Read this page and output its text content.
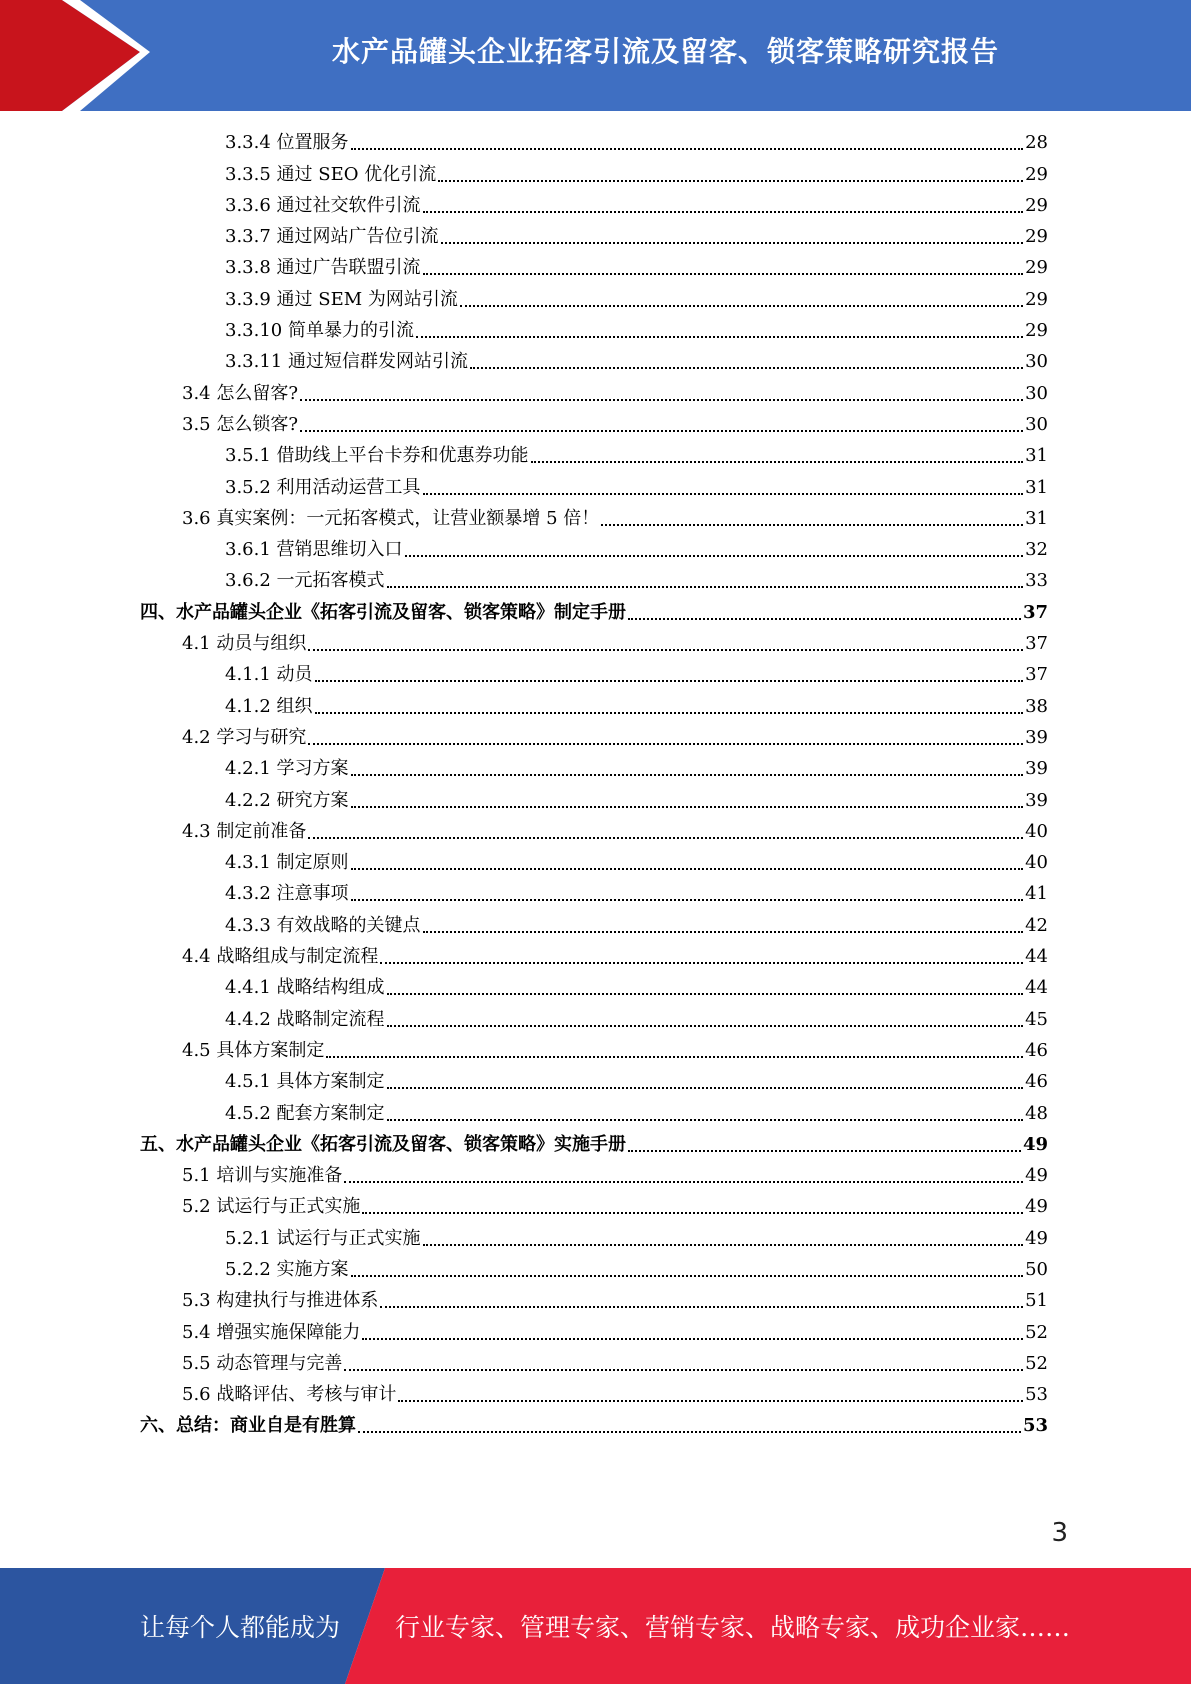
水产品罐头企业拓客引流及留客、锁客策略研究报告
3.3.4 位置服务	28
3.3.5 通过 SEO 优化引流	29
3.3.6 通过社交软件引流	29
3.3.7 通过网站广告位引流	29
3.3.8 通过广告联盟引流	29
3.3.9 通过 SEM 为网站引流	29
3.3.10 简单暴力的引流	29
3.3.11 通过短信群发网站引流	30
3.4 怎么留客?	30
3.5 怎么锁客?	30
3.5.1 借助线上平台卡券和优惠券功能	31
3.5.2 利用活动运营工具	31
3.6 真实案例：一元拓客模式，让营业额暴增 5 倍！	31
3.6.1 营销思维切入口	32
3.6.2 一元拓客模式	33
四、水产品罐头企业《拓客引流及留客、锁客策略》制定手册	37
4.1 动员与组织	37
4.1.1 动员	37
4.1.2 组织	38
4.2 学习与研究	39
4.2.1 学习方案	39
4.2.2 研究方案	39
4.3 制定前准备	40
4.3.1 制定原则	40
4.3.2 注意事项	41
4.3.3 有效战略的关键点	42
4.4 战略组成与制定流程	44
4.4.1 战略结构组成	44
4.4.2 战略制定流程	45
4.5 具体方案制定	46
4.5.1 具体方案制定	46
4.5.2 配套方案制定	48
五、水产品罐头企业《拓客引流及留客、锁客策略》实施手册	49
5.1 培训与实施准备	49
5.2 试运行与正式实施	49
5.2.1 试运行与正式实施	49
5.2.2 实施方案	50
5.3 构建执行与推进体系	51
5.4 增强实施保障能力	52
5.5 动态管理与完善	52
5.6 战略评估、考核与审计	53
六、总结：商业自是有胜算	53
3
让每个人都能成为 行业专家、管理专家、营销专家、战略专家、成功企业家……
